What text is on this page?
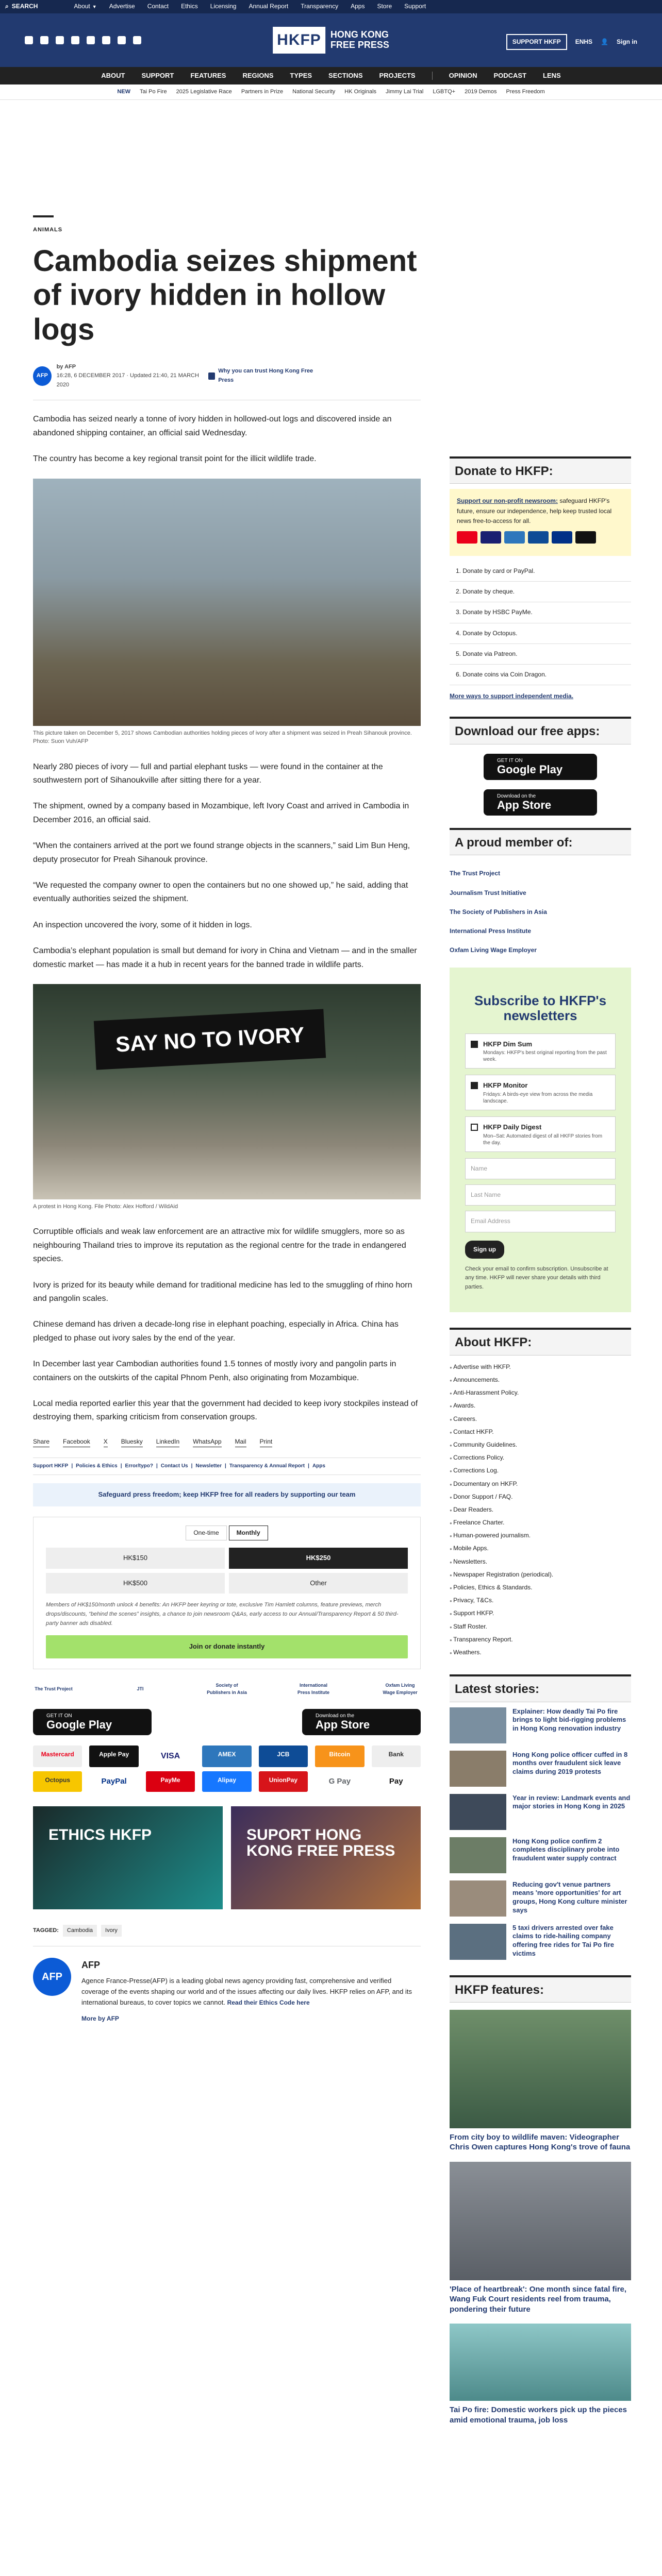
⌕ SEARCH	About ▼ Advertise Contact Ethics Licensing Annual Report Transparency Apps Store Support
HKFP	HONG KONG
FREE PRESS	SUPPORT HKFP	ENHS 👤 Sign in
ABOUT SUPPORT FEATURES REGIONS TYPES SECTIONS PROJECTS	OPINION PODCAST LENS
NEW Tai Po Fire 2025 Legislative Race Partners in Prize National Security HK Originals Jimmy Lai Trial LGBTQ+ 2019 Demos Press Freedom
ANIMALS
Cambodia seizes shipment of ivory hidden in hollow logs
AFP
by AFP
16:28, 6 DECEMBER 2017 · Updated 21:40, 21 MARCH 2020
Why you can trust Hong Kong Free Press

Cambodia has seized nearly a tonne of ivory hidden in hollowed-out logs and discovered inside an abandoned shipping container, an official said Wednesday.

The country has become a key regional transit point for the illicit wildlife trade.

This picture taken on December 5, 2017 shows Cambodian authorities holding pieces of ivory after a shipment was seized in Preah Sihanouk province. Photo: Suon Vuh/AFP

Nearly 280 pieces of ivory — full and partial elephant tusks — were found in the container at the southwestern port of Sihanoukville after sitting there for a year.

The shipment, owned by a company based in Mozambique, left Ivory Coast and arrived in Cambodia in December 2016, an official said.

“When the containers arrived at the port we found strange objects in the scanners,” said Lim Bun Heng, deputy prosecutor for Preah Sihanouk province.

“We requested the company owner to open the containers but no one showed up,” he said, adding that eventually authorities seized the shipment.

An inspection uncovered the ivory, some of it hidden in logs.

Cambodia’s elephant population is small but demand for ivory in China and Vietnam — and in the smaller domestic market — has made it a hub in recent years for the banned trade in wildlife parts.

SAY NO TO IVORY
A protest in Hong Kong. File Photo: Alex Hofford / WildAid

Corruptible officials and weak law enforcement are an attractive mix for wildlife smugglers, more so as neighbouring Thailand tries to improve its reputation as the regional centre for the trade in endangered species.

Ivory is prized for its beauty while demand for traditional medicine has led to the smuggling of rhino horn and pangolin scales.

Chinese demand has driven a decade-long rise in elephant poaching, especially in Africa. China has pledged to phase out ivory sales by the end of the year.

In December last year Cambodian authorities found 1.5 tonnes of mostly ivory and pangolin parts in containers on the outskirts of the capital Phnom Penh, also originating from Mozambique.

Local media reported earlier this year that the government had decided to keep ivory stockpiles instead of destroying them, sparking criticism from conservation groups.

Share Facebook X Bluesky LinkedIn WhatsApp Mail Print
Support HKFP | Policies & Ethics | Error/typo? | Contact Us | Newsletter | Transparency & Annual Report | Apps
Safeguard press freedom; keep HKFP free for all readers by supporting our team
One-time	Monthly
HK$150	HK$250
HK$500	Other
Members of HK$150/month unlock 4 benefits: An HKFP beer keyring or tote, exclusive Tim Hamlett columns, feature previews, merch drops/discounts, “behind the scenes” insights, a chance to join newsroom Q&As, early access to our Annual/Transparency Report & 50 third-party banner ads disabled.
Join or donate instantly
The Trust Project	JTI
Society of Publishers in Asia
International Press Institute
Oxfam Living Wage Employer
GET IT ON
Google Play
Download on the
App Store
Mastercard	Apple Pay	VISA	AMEX	JCB	Bitcoin	Bank
Octopus	PayPal	PayMe	Alipay	UnionPay	G Pay	Pay
ETHICS HKFP	SUPORT HONG KONG FREE PRESS
TAGGED:	Cambodia	Ivory
AFP
AFP

Agence France-Presse(AFP) is a leading global news agency providing fast, comprehensive and verified coverage of the events shaping our world and of the issues affecting our daily lives. HKFP relies on AFP, and its international bureaus, to cover topics we cannot. Read their Ethics Code here

More by AFP
Donate to HKFP:
Support our non-profit newsroom: safeguard HKFP's future, ensure our independence, help keep trusted local news free-to-access for all.
1. Donate by card or PayPal.
2. Donate by cheque.
3. Donate by HSBC PayMe.
4. Donate by Octopus.
5. Donate via Patreon.
6. Donate coins via Coin Dragon.
More ways to support independent media.
Download our free apps:
GET IT ON
Google Play
Download on the
App Store
A proud member of:
The Trust Project
Journalism Trust Initiative
The Society of Publishers in Asia
International Press Institute
Oxfam Living Wage Employer
Subscribe to HKFP's newsletters
HKFP Dim Sum
Mondays: HKFP's best original reporting from the past week.
HKFP Monitor
Fridays: A birds-eye view from across the media landscape.
HKFP Daily Digest
Mon–Sat: Automated digest of all HKFP stories from the day.
Name
Last Name
Email Address
Sign up
Check your email to confirm subscription. Unsubscribe at any time. HKFP will never share your details with third parties.
About HKFP:
● Advertise with HKFP.
● Announcements.
● Anti-Harassment Policy.
● Awards.
● Careers.
● Contact HKFP.
● Community Guidelines.
● Corrections Policy.
● Corrections Log.
● Documentary on HKFP.
● Donor Support / FAQ.
● Dear Readers.
● Freelance Charter.
● Human-powered journalism.
● Mobile Apps.
● Newsletters.
● Newspaper Registration (periodical).
● Policies, Ethics & Standards.
● Privacy, T&Cs.
● Support HKFP.
● Staff Roster.
● Transparency Report.
● Weathers.
Latest stories:
Explainer: How deadly Tai Po fire brings to light bid-rigging problems in Hong Kong renovation industry
Hong Kong police officer cuffed in 8 months over fraudulent sick leave claims during 2019 protests
Year in review: Landmark events and major stories in Hong Kong in 2025
Hong Kong police confirm 2 completes disciplinary probe into fraudulent water supply contract
Reducing gov't venue partners means 'more opportunities' for art groups, Hong Kong culture minister says
5 taxi drivers arrested over fake claims to ride-hailing company offering free rides for Tai Po fire victims
HKFP features:
From city boy to wildlife maven: Videographer Chris Owen captures Hong Kong's trove of fauna
'Place of heartbreak': One month since fatal fire, Wang Fuk Court residents reel from trauma, pondering their future
Tai Po fire: Domestic workers pick up the pieces amid emotional trauma, job loss
